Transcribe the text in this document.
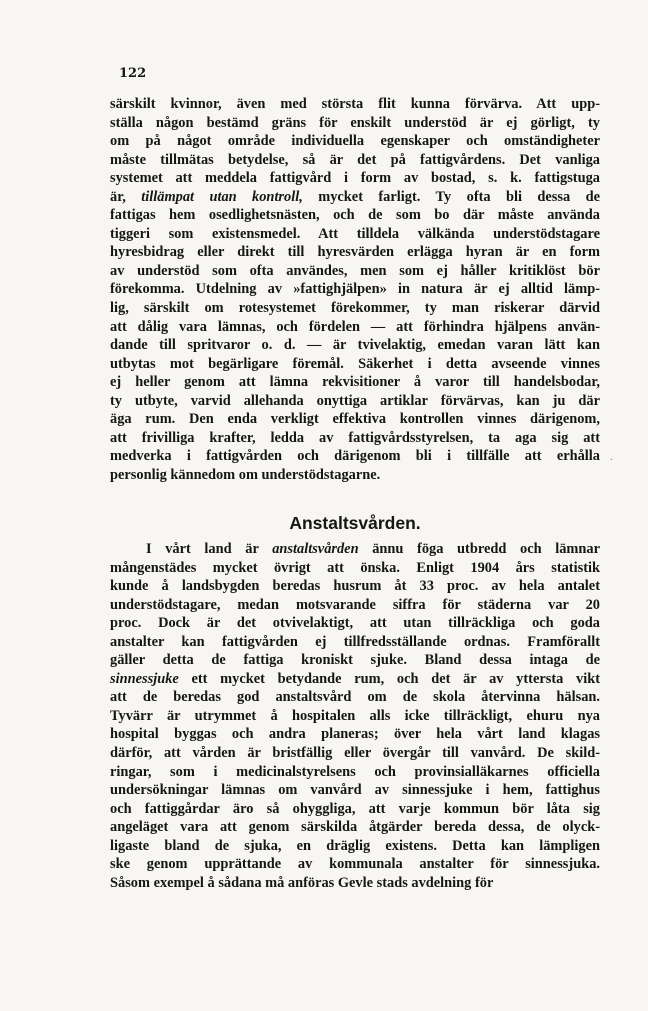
122
särskilt kvinnor, även med största flit kunna förvärva. Att upp-
ställa någon bestämd gräns för enskilt understöd är ej görligt, ty
om på något område individuella egenskaper och omständigheter
måste tillmätas betydelse, så är det på fattigvårdens. Det vanliga
systemet att meddela fattigvård i form av bostad, s. k. fattigstuga
är, tillämpat utan kontroll, mycket farligt. Ty ofta bli dessa de
fattigas hem osedlighetsnästen, och de som bo där måste använda
tiggeri som existensmedel. Att tilldela välkända understödstagare
hyresbidrag eller direkt till hyresvärden erlägga hyran är en form
av understöd som ofta användes, men som ej håller kritiklöst bör
förekomma. Utdelning av »fattighjälpen» in natura är ej alltid lämp-
lig, särskilt om rotesystemet förekommer, ty man riskerar därvid
att dålig vara lämnas, och fördelen — att förhindra hjälpens använ-
dande till spritvaror o. d. — är tvivelaktig, emedan varan lätt kan
utbytas mot begärligare föremål. Säkerhet i detta avseende vinnes
ej heller genom att lämna rekvisitioner å varor till handelsbodar,
ty utbyte, varvid allehanda onyttiga artiklar förvärvas, kan ju där
äga rum. Den enda verkligt effektiva kontrollen vinnes därigenom,
att frivilliga krafter, ledda av fattigvårdsstyrelsen, ta aga sig att
medverka i fattigvården och därigenom bli i tillfälle att erhålla
personlig kännedom om understödstagarne.
Anstaltsvården.
I vårt land är anstaltsvården ännu föga utbredd och lämnar
mångenstädes mycket övrigt att önska. Enligt 1904 års statistik
kunde å landsbygden beredas husrum åt 33 proc. av hela antalet
understödstagare, medan motsvarande siffra för städerna var 20
proc. Dock är det otvivelaktigt, att utan tillräckliga och goda
anstalter kan fattigvården ej tillfredsställande ordnas. Framförallt
gäller detta de fattiga kroniskt sjuke. Bland dessa intaga de
sinnessjuke ett mycket betydande rum, och det är av yttersta vikt
att de beredas god anstaltsvård om de skola återvinna hälsan.
Tyvärr är utrymmet å hospitalen alls icke tillräckligt, ehuru nya
hospital byggas och andra planeras; över hela vårt land klagas
därför, att vården är bristfällig eller övergår till vanvård. De skild-
ringar, som i medicinalstyrelsens och provinsialläkarnes officiella
undersökningar lämnas om vanvård av sinnessjuke i hem, fattighus
och fattiggårdar äro så ohyggliga, att varje kommun bör låta sig
angeläget vara att genom särskilda åtgärder bereda dessa, de olyck-
ligaste bland de sjuka, en dräglig existens. Detta kan lämpligen
ske genom upprättande av kommunala anstalter för sinnessjuka.
Såsom exempel å sådana må anföras Gevle stads avdelning för
.
